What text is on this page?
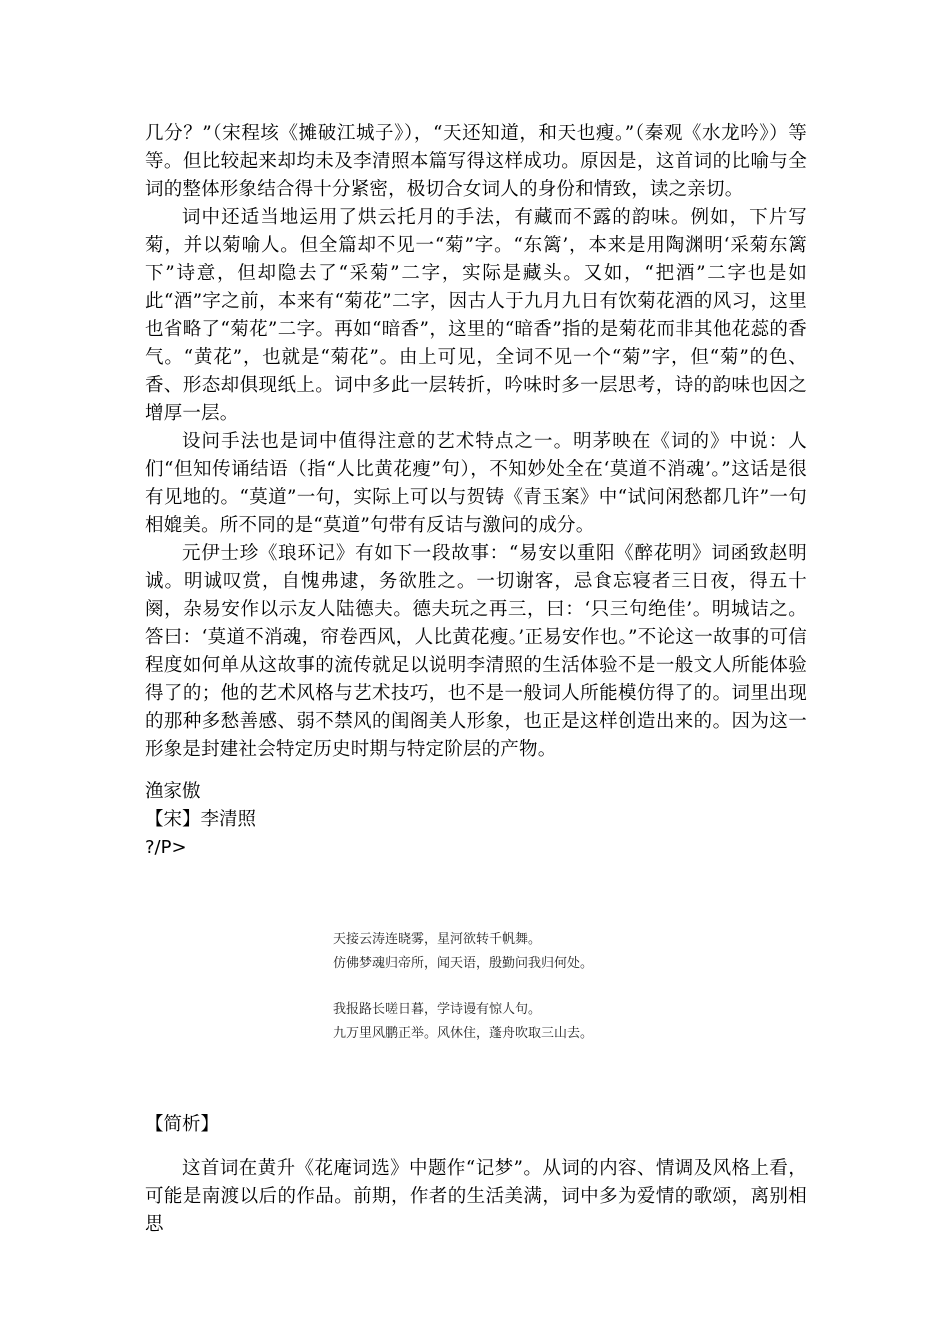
几分？”（宋程垓《摊破江城子》），“天还知道，和天也瘦。”（秦观《水龙吟》）等等。但比较起来却均未及李清照本篇写得这样成功。原因是，这首词的比喻与全词的整体形象结合得十分紧密，极切合女词人的身份和情致，读之亲切。

词中还适当地运用了烘云托月的手法，有藏而不露的韵味。例如，下片写菊，并以菊喻人。但全篇却不见一“菊”字。“东篱’，本来是用陶渊明‘采菊东篱下”诗意，但却隐去了“采菊”二字，实际是藏头。又如，“把酒”二字也是如此“酒”字之前，本来有“菊花”二字，因古人于九月九日有饮菊花酒的风习，这里也省略了“菊花”二字。再如“暗香”，这里的“暗香”指的是菊花而非其他花蕊的香气。“黄花”，也就是“菊花”。由上可见，全词不见一个“菊”字，但“菊”的色、香、形态却俱现纸上。词中多此一层转折，吟味时多一层思考，诗的韵味也因之增厚一层。

设问手法也是词中值得注意的艺术特点之一。明茅映在《词的》中说：人们“但知传诵结语（指“人比黄花瘦”句），不知妙处全在‘莫道不消魂’。”这话是很有见地的。“莫道”一句，实际上可以与贺铸《青玉案》中“试问闲愁都几许”一句相媲美。所不同的是“莫道”句带有反诘与激问的成分。

元伊士珍《琅环记》有如下一段故事：“易安以重阳《醉花明》词函致赵明诚。明诚叹赏，自愧弗逮，务欲胜之。一切谢客，忌食忘寝者三日夜，得五十阕，杂易安作以示友人陆德夫。德夫玩之再三，曰：‘只三句绝佳’。明城诘之。答曰：‘莫道不消魂，帘卷西风，人比黄花瘦。’正易安作也。”不论这一故事的可信程度如何单从这故事的流传就足以说明李清照的生活体验不是一般文人所能体验得了的；他的艺术风格与艺术技巧，也不是一般词人所能模仿得了的。词里出现的那种多愁善感、弱不禁风的闺阁美人形象，也正是这样创造出来的。因为这一形象是封建社会特定历史时期与特定阶层的产物。

渔家傲

【宋】李清照

?/P>

天接云涛连晓雾，星河欲转千帆舞。

仿佛梦魂归帝所，闻天语，殷勤问我归何处。

我报路长嗟日暮，学诗谩有惊人句。

九万里风鹏正举。风休住，蓬舟吹取三山去。

【简析】

这首词在黄升《花庵词选》中题作“记梦”。从词的内容、情调及风格上看，可能是南渡以后的作品。前期，作者的生活美满，词中多为爱情的歌颂，离别相思
